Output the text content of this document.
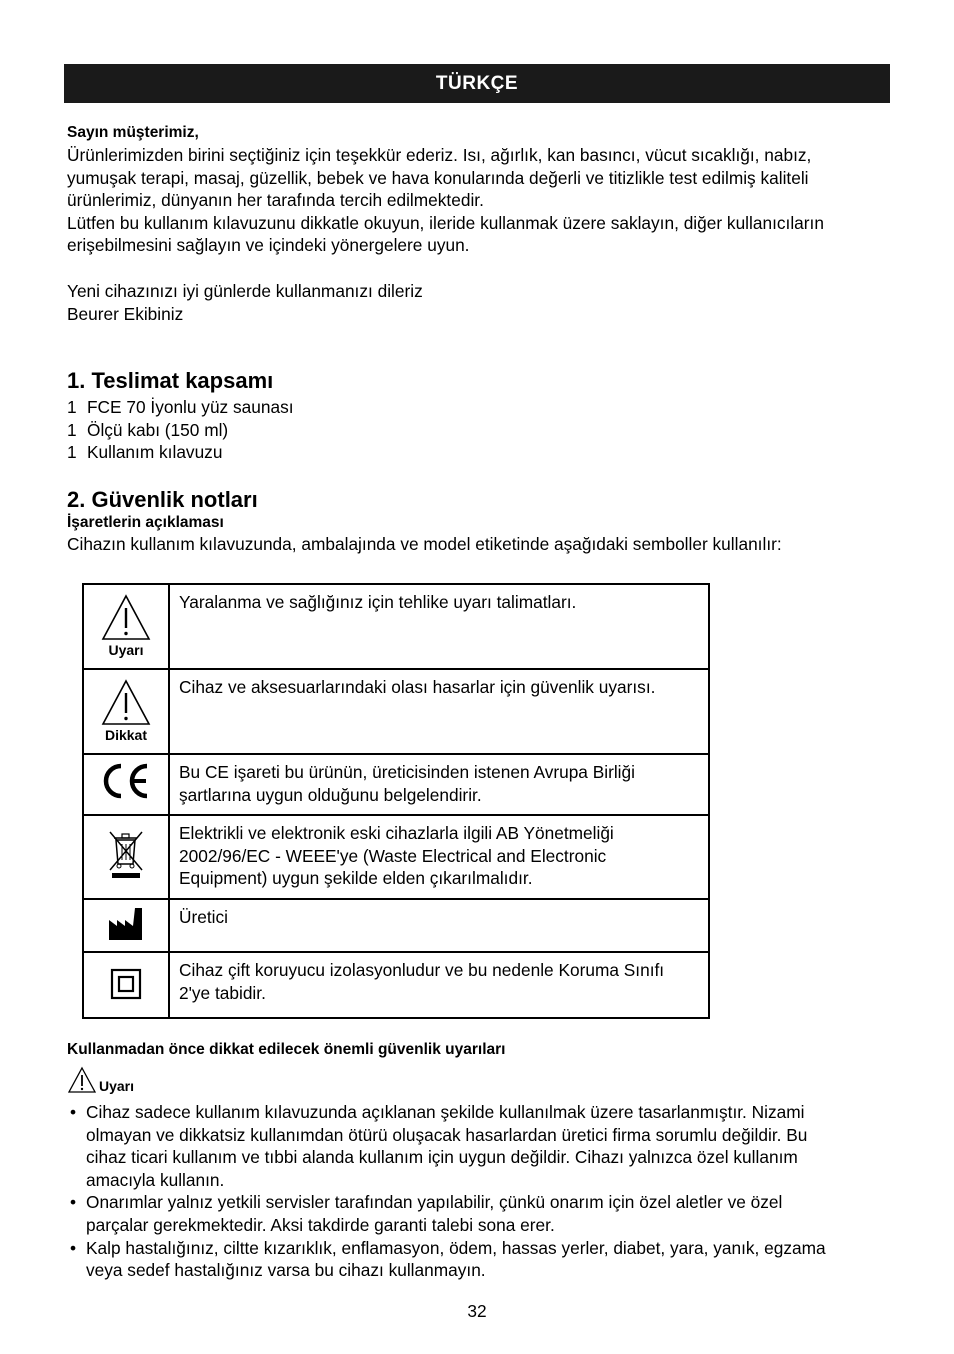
TÜRKÇE
Sayın müşterimiz,
Ürünlerimizden birini seçtiğiniz için teşekkür ederiz. Isı, ağırlık, kan basıncı, vücut sıcaklığı, nabız,
yumuşak terapi, masaj, güzellik, bebek ve hava konularında değerli ve titizlikle test edilmiş kaliteli
ürünlerimiz, dünyanın her tarafında tercih edilmektedir.
Lütfen bu kullanım kılavuzunu dikkatle okuyun, ileride kullanmak üzere saklayın, diğer kullanıcıların
erişebilmesini sağlayın ve içindeki yönergelere uyun.
Yeni cihazınızı iyi günlerde kullanmanızı dileriz
Beurer Ekibiniz
1. Teslimat kapsamı
1 FCE 70 İyonlu yüz saunası
1 Ölçü kabı (150 ml)
1 Kullanım kılavuzu
2. Güvenlik notları
İşaretlerin açıklaması
Cihazın kullanım kılavuzunda, ambalajında ve model etiketinde aşağıdaki semboller kullanılır:
Uyarı	Yaralanma ve sağlığınız için tehlike uyarı talimatları.

Dikkat	Cihaz ve aksesuarlarındaki olası hasarlar için güvenlik uyarısı.

Bu CE işareti bu ürünün, üreticisinden istenen Avrupa Birliği
şartlarına uygun olduğunu belgelendirir.

Elektrikli ve elektronik eski cihazlarla ilgili AB Yönetmeliği
2002/96/EC - WEEE'ye (Waste Electrical and Electronic
Equipment) uygun şekilde elden çıkarılmalıdır.

	Üretici

Cihaz çift koruyucu izolasyonludur ve bu nedenle Koruma Sınıfı
2'ye tabidir.
Kullanmadan önce dikkat edilecek önemli güvenlik uyarıları
Uyarı
• Cihaz sadece kullanım kılavuzunda açıklanan şekilde kullanılmak üzere tasarlanmıştır. Nizami
olmayan ve dikkatsiz kullanımdan ötürü oluşacak hasarlardan üretici firma sorumlu değildir. Bu
cihaz ticari kullanım ve tıbbi alanda kullanım için uygun değildir. Cihazı yalnızca özel kullanım
amacıyla kullanın.
• Onarımlar yalnız yetkili servisler tarafından yapılabilir, çünkü onarım için özel aletler ve özel
parçalar gerekmektedir. Aksi takdirde garanti talebi sona erer.
• Kalp hastalığınız, ciltte kızarıklık, enflamasyon, ödem, hassas yerler, diabet, yara, yanık, egzama
veya sedef hastalığınız varsa bu cihazı kullanmayın.
32
